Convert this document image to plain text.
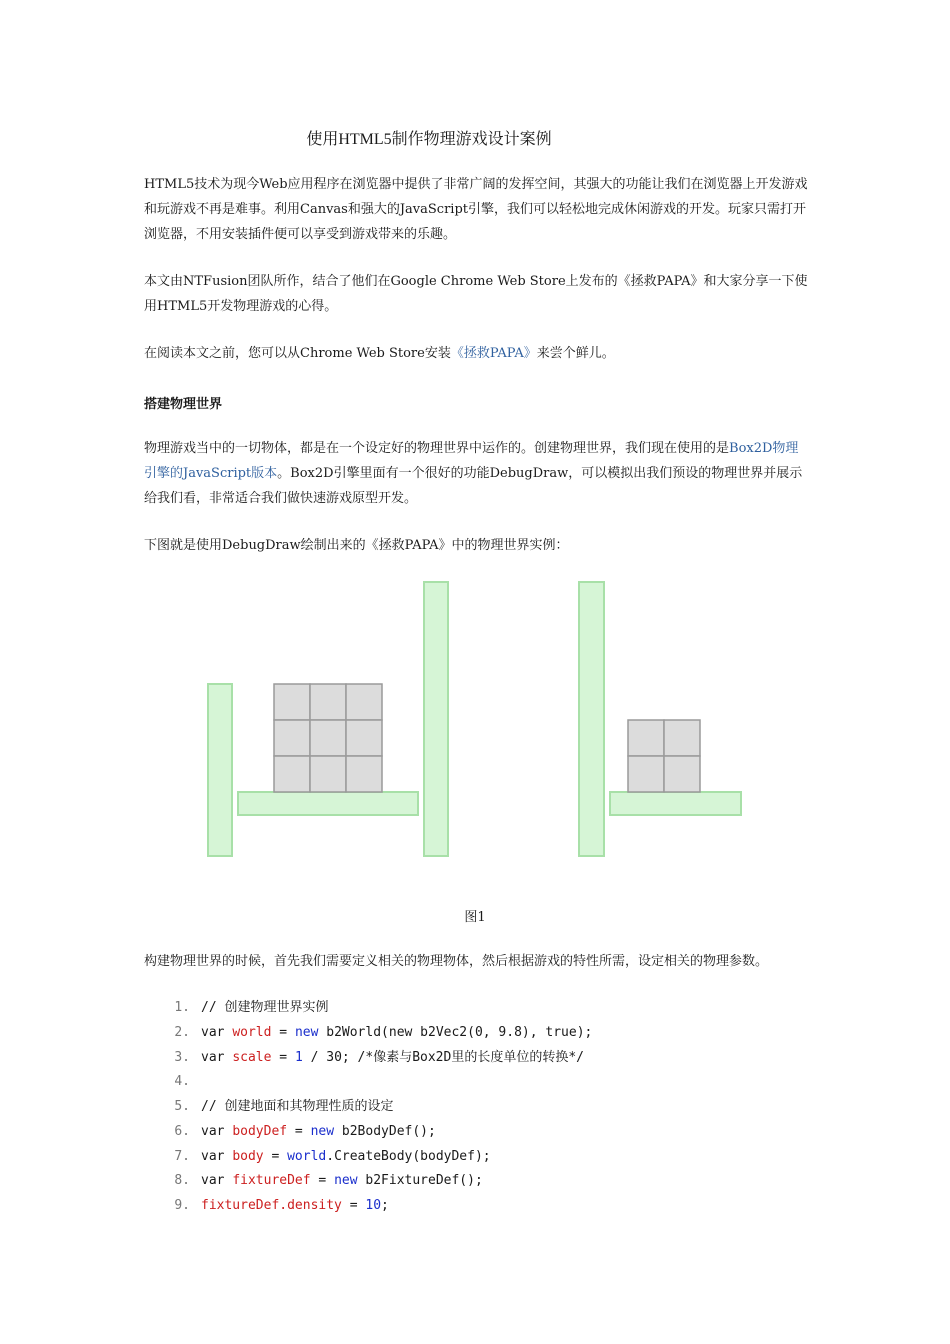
使用HTML5制作物理游戏设计案例
HTML5技术为现今Web应用程序在浏览器中提供了非常广阔的发挥空间，其强大的功能让我们在浏览器上开发游戏和玩游戏不再是难事。利用Canvas和强大的JavaScript引擎，我们可以轻松地完成休闲游戏的开发。玩家只需打开浏览器，不用安装插件便可以享受到游戏带来的乐趣。
本文由NTFusion团队所作，结合了他们在Google Chrome Web Store上发布的《拯救PAPA》和大家分享一下使用HTML5开发物理游戏的心得。
在阅读本文之前，您可以从Chrome Web Store安装《拯救PAPA》来尝个鲜儿。
搭建物理世界
物理游戏当中的一切物体，都是在一个设定好的物理世界中运作的。创建物理世界，我们现在使用的是Box2D物理引擎的JavaScript版本。Box2D引擎里面有一个很好的功能DebugDraw，可以模拟出我们预设的物理世界并展示给我们看，非常适合我们做快速游戏原型开发。
下图就是使用DebugDraw绘制出来的《拯救PAPA》中的物理世界实例：
图1
构建物理世界的时候，首先我们需要定义相关的物理物体，然后根据游戏的特性所需，设定相关的物理参数。
1. // 创建物理世界实例
2. var world = new b2World(new b2Vec2(0, 9.8), true);
3. var scale = 1 / 30; /*像素与Box2D里的长度单位的转换*/
4.
5. // 创建地面和其物理性质的设定
6. var bodyDef = new b2BodyDef();
7. var body = world.CreateBody(bodyDef);
8. var fixtureDef = new b2FixtureDef();
9. fixtureDef.density = 10;
